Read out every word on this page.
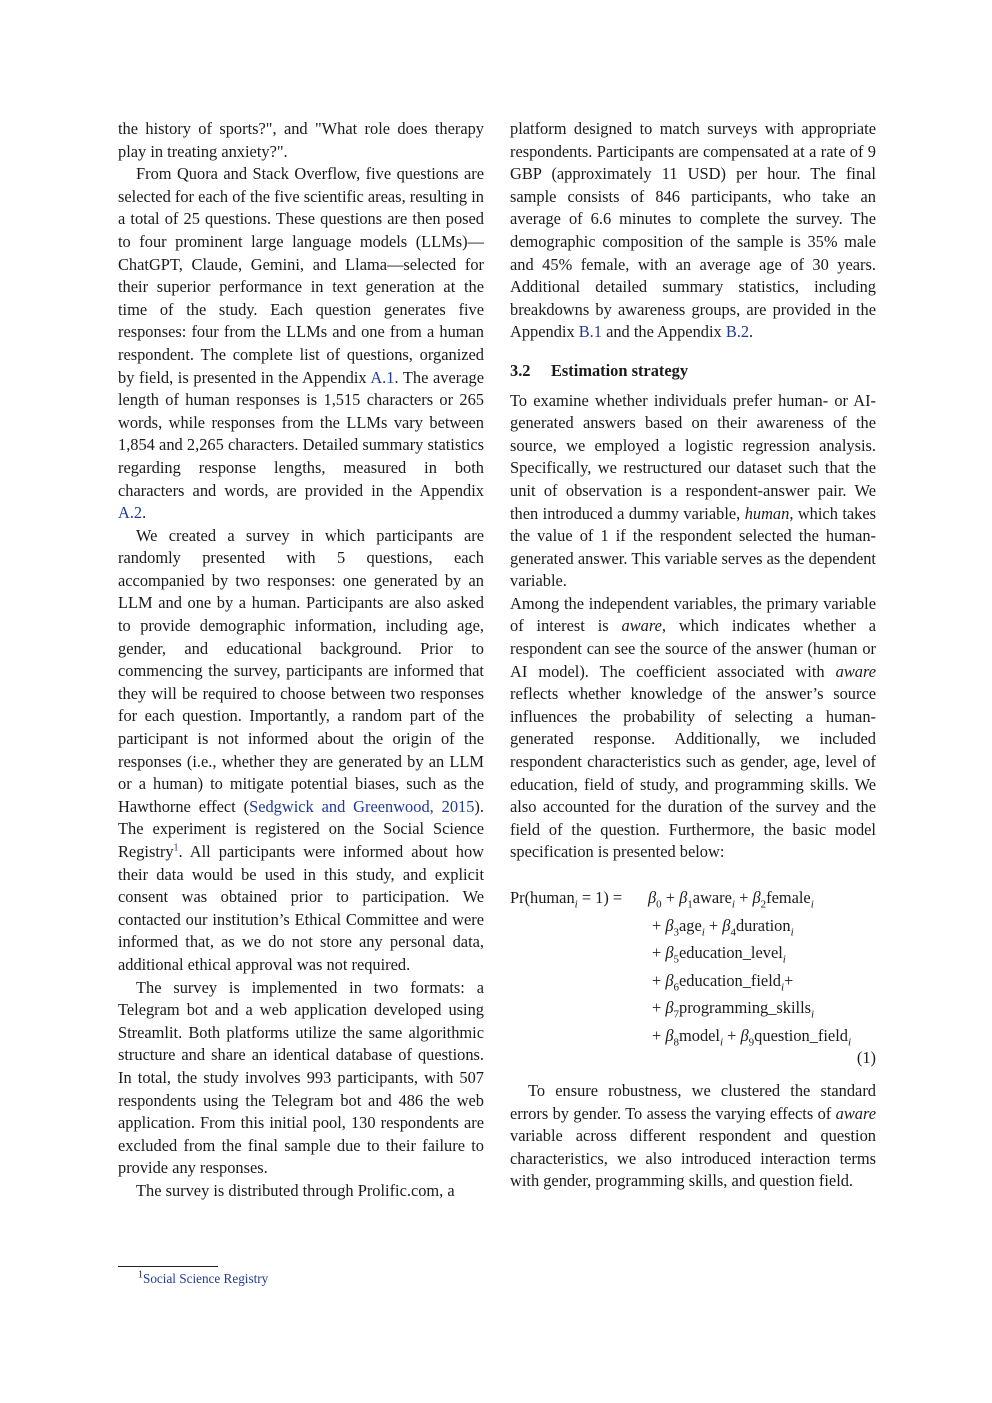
the history of sports?", and "What role does therapy play in treating anxiety?".

From Quora and Stack Overflow, five questions are selected for each of the five scientific areas, resulting in a total of 25 questions. These questions are then posed to four prominent large language models (LLMs)—ChatGPT, Claude, Gemini, and Llama—selected for their superior performance in text generation at the time of the study. Each question generates five responses: four from the LLMs and one from a human respondent. The complete list of questions, organized by field, is presented in the Appendix A.1. The average length of human responses is 1,515 characters or 265 words, while responses from the LLMs vary between 1,854 and 2,265 characters. Detailed summary statistics regarding response lengths, measured in both characters and words, are provided in the Appendix A.2.

We created a survey in which participants are randomly presented with 5 questions, each accompanied by two responses: one generated by an LLM and one by a human. Participants are also asked to provide demographic information, including age, gender, and educational background. Prior to commencing the survey, participants are informed that they will be required to choose between two responses for each question. Importantly, a random part of the participant is not informed about the origin of the responses (i.e., whether they are generated by an LLM or a human) to mitigate potential biases, such as the Hawthorne effect (Sedgwick and Greenwood, 2015). The experiment is registered on the Social Science Registry$^1$. All participants were informed about how their data would be used in this study, and explicit consent was obtained prior to participation. We contacted our institution’s Ethical Committee and were informed that, as we do not store any personal data, additional ethical approval was not required.

The survey is implemented in two formats: a Telegram bot and a web application developed using Streamlit. Both platforms utilize the same algorithmic structure and share an identical database of questions. In total, the study involves 993 participants, with 507 respondents using the Telegram bot and 486 the web application. From this initial pool, 130 respondents are excluded from the final sample due to their failure to provide any responses.

The survey is distributed through Prolific.com, a

$^1$Social Science Registry

platform designed to match surveys with appropriate respondents. Participants are compensated at a rate of 9 GBP (approximately 11 USD) per hour. The final sample consists of 846 participants, who take an average of 6.6 minutes to complete the survey. The demographic composition of the sample is 35% male and 45% female, with an average age of 30 years. Additional detailed summary statistics, including breakdowns by awareness groups, are provided in the Appendix B.1 and the Appendix B.2.

3.2 Estimation strategy

To examine whether individuals prefer human- or AI-generated answers based on their awareness of the source, we employed a logistic regression analysis. Specifically, we restructured our dataset such that the unit of observation is a respondent-answer pair. We then introduced a dummy variable, human, which takes the value of 1 if the respondent selected the human-generated answer. This variable serves as the dependent variable.

Among the independent variables, the primary variable of interest is aware, which indicates whether a respondent can see the source of the answer (human or AI model). The coefficient associated with aware reflects whether knowledge of the answer’s source influences the probability of selecting a human-generated response. Additionally, we included respondent characteristics such as gender, age, level of education, field of study, and programming skills. We also accounted for the duration of the survey and the field of the question. Furthermore, the basic model specification is presented below:

Pr(human$_i$ = $1) = \beta_0$ + $\beta_1aware_i$ + $\beta_2female_i$
+ $\beta_3age_i$ + $\beta_4duration_i$
+ $\beta_5education\_level_i$
+ $\beta_6education\_field_i+$
+ $\beta_7programming\_skills_i$
+ $\beta_8model_i$ + $\beta_9question\_field_i$
(1)

To ensure robustness, we clustered the standard errors by gender. To assess the varying effects of aware variable across different respondent and question characteristics, we also introduced interaction terms with gender, programming skills, and question field.
